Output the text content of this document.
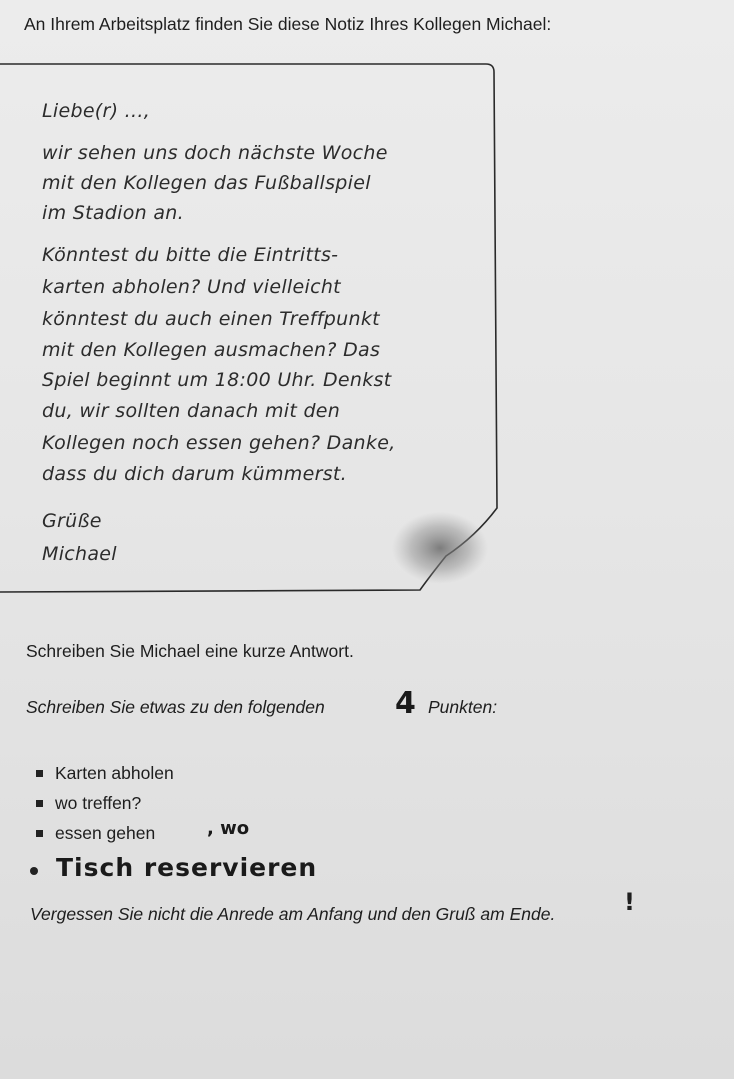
An Ihrem Arbeitsplatz finden Sie diese Notiz Ihres Kollegen Michael:
Liebe(r) ...,
wir sehen uns doch nächste Woche
mit den Kollegen das Fußballspiel
im Stadion an.
Könntest du bitte die Eintritts-
karten abholen? Und vielleicht
könntest du auch einen Treffpunkt
mit den Kollegen ausmachen? Das
Spiel beginnt um 18:00 Uhr. Denkst
du, wir sollten danach mit den
Kollegen noch essen gehen? Danke,
dass du dich darum kümmerst.
Grüße
Michael
Schreiben Sie Michael eine kurze Antwort.
Schreiben Sie etwas zu den folgenden 4 Punkten:
Karten abholen
wo treffen?
essen gehen	, wo
Tisch reservieren
Vergessen Sie nicht die Anrede am Anfang und den Gruß am Ende.	!
